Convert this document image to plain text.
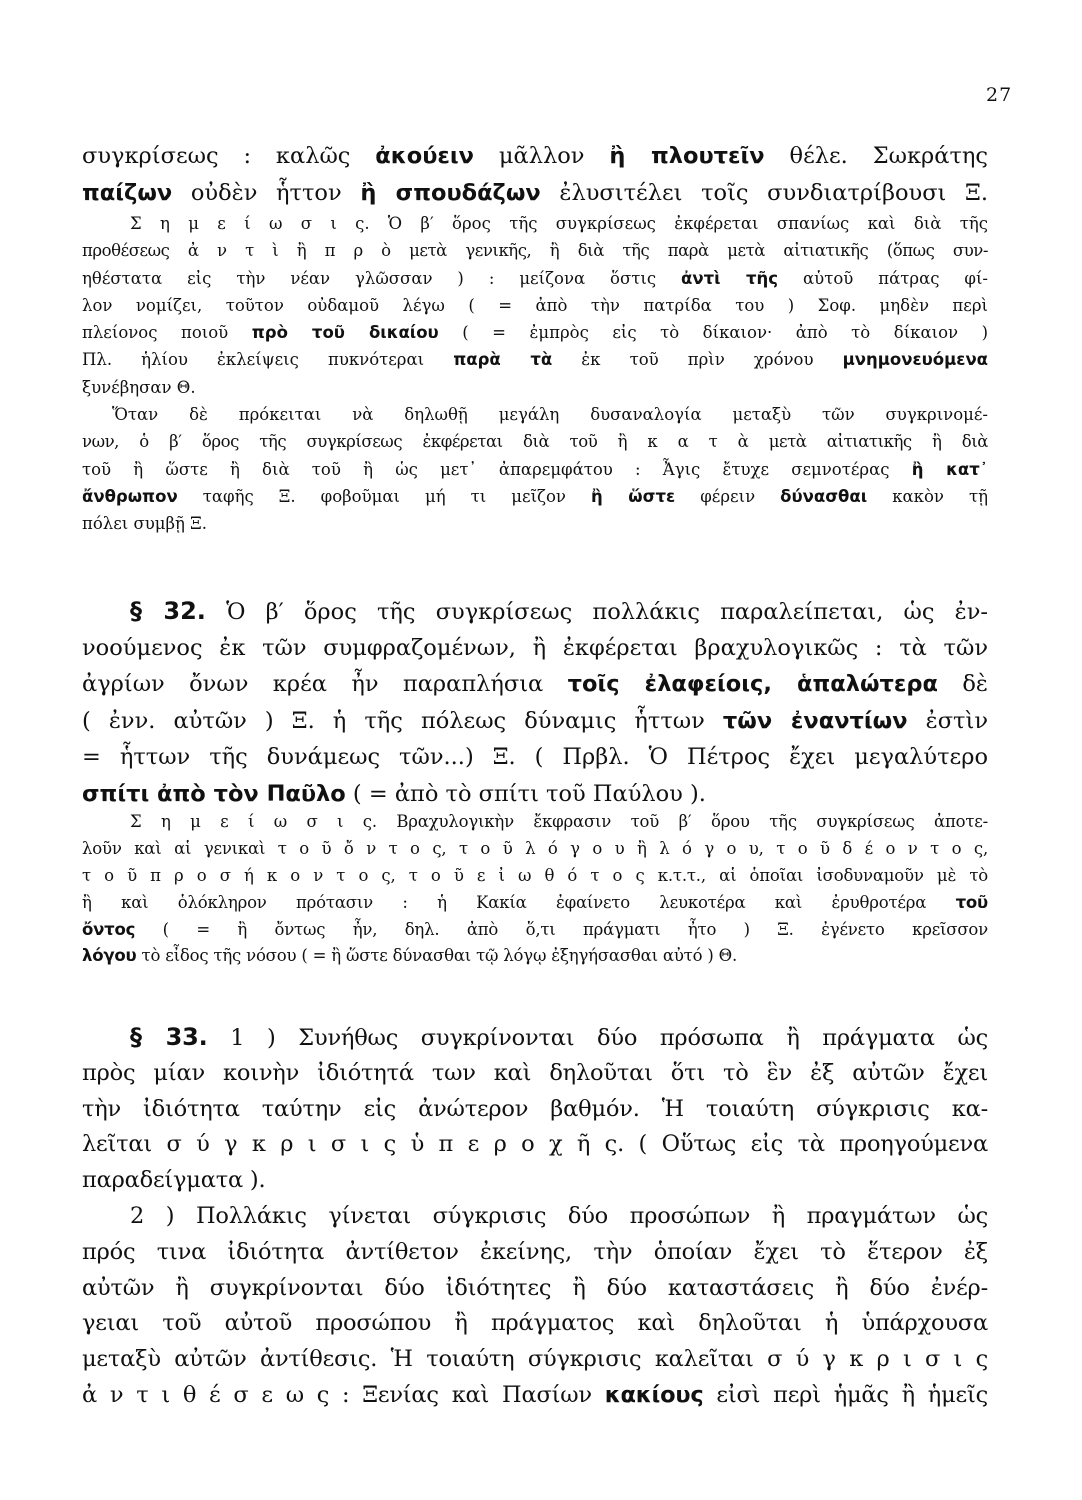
27
συγκρίσεως : καλῶς ἀκούειν μᾶλλον ἢ πλουτεῖν θέλε. Σωκράτης
παίζων οὐδὲν ἧττον ἢ σπουδάζων ἐλυσιτέλει τοῖς συνδιατρίβουσι Ξ.
Σ η μ ε ί ω σ ι ς. Ὁ β′ ὅρος τῆς συγκρίσεως ἐκφέρεται σπανίως καὶ διὰ τῆς
προθέσεως ἀ ν τ ὶ ἢ π ρ ὸ μετὰ γενικῆς, ἢ διὰ τῆς παρὰ μετὰ αἰτιατικῆς (ὅπως συν-
ηθέστατα εἰς τὴν νέαν γλῶσσαν ) : μείζονα ὅστις ἀντὶ τῆς αὑτοῦ πάτρας φί-
λον νομίζει, τοῦτον οὐδαμοῦ λέγω ( = ἀπὸ τὴν πατρίδα του ) Σοφ. μηδὲν περὶ
πλείονος ποιοῦ πρὸ τοῦ δικαίου ( = ἐμπρὸς εἰς τὸ δίκαιον· ἀπὸ τὸ δίκαιον )
Πλ. ἡλίου ἐκλείψεις πυκνότεραι παρὰ τὰ ἐκ τοῦ πρὶν χρόνου μνημονευόμενα
ξυνέβησαν Θ.
Ὅταν δὲ πρόκειται νὰ δηλωθῇ μεγάλη δυσαναλογία μεταξὺ τῶν συγκρινομέ-
νων, ὁ β′ ὅρος τῆς συγκρίσεως ἐκφέρεται διὰ τοῦ ἢ κ α τ ὰ μετὰ αἰτιατικῆς ἢ διὰ
τοῦ ἢ ὥστε ἢ διὰ τοῦ ἢ ὡς μετ᾽ ἀπαρεμφάτου : Ἆγις ἔτυχε σεμνοτέρας ἢ κατ᾽
ἄνθρωπον ταφῆς Ξ. φοβοῦμαι μή τι μεῖζον ἢ ὥστε φέρειν δύνασθαι κακὸν τῇ
πόλει συμβῇ Ξ.
§ 32. Ὁ β′ ὅρος τῆς συγκρίσεως πολλάκις παραλείπεται, ὡς ἐν-
νοούμενος ἐκ τῶν συμφραζομένων, ἢ ἐκφέρεται βραχυλογικῶς : τὰ τῶν
ἀγρίων ὄνων κρέα ἦν παραπλήσια τοῖς ἐλαφείοις, ἁπαλώτερα δὲ
( ἐνν. αὐτῶν ) Ξ. ἡ τῆς πόλεως δύναμις ἧττων τῶν ἐναντίων ἐστὶν
= ἧττων τῆς δυνάμεως τῶν...) Ξ. ( Πρβλ. Ὁ Πέτρος ἔχει μεγαλύτερο
σπίτι ἀπὸ τὸν Παῦλο ( = ἀπὸ τὸ σπίτι τοῦ Παύλου ).
Σ η μ ε ί ω σ ι ς. Βραχυλογικὴν ἔκφρασιν τοῦ β′ ὅρου τῆς συγκρίσεως ἀποτε-
λοῦν καὶ αἱ γενικαὶ τ ο ῦ ὄ ν τ ο ς, τ ο ῦ λ ό γ ο υ ἢ λ ό γ ο υ, τ ο ῦ δ έ ο ν τ ο ς,
τ ο ῦ π ρ ο σ ή κ ο ν τ ο ς, τ ο ῦ ε ἰ ω θ ό τ ο ς κ.τ.τ., αἱ ὁποῖαι ἰσοδυναμοῦν μὲ τὸ
ἢ καὶ ὁλόκληρον πρότασιν : ἡ Κακία ἐφαίνετο λευκοτέρα καὶ ἐρυθροτέρα τοῦ
ὄντος ( = ἢ ὄντως ἦν, δηλ. ἀπὸ ὅ,τι πράγματι ἦτο ) Ξ. ἐγένετο κρεῖσσον
λόγου τὸ εἶδος τῆς νόσου ( = ἢ ὥστε δύνασθαι τῷ λόγῳ ἐξηγήσασθαι αὐτό ) Θ.
§ 33. 1 ) Συνήθως συγκρίνονται δύο πρόσωπα ἢ πράγματα ὡς
πρὸς μίαν κοινὴν ἰδιότητά των καὶ δηλοῦται ὅτι τὸ ἓν ἐξ αὐτῶν ἔχει
τὴν ἰδιότητα ταύτην εἰς ἀνώτερον βαθμόν. Ἡ τοιαύτη σύγκρισις κα-
λεῖται σ ύ γ κ ρ ι σ ι ς ὑ π ε ρ ο χ ῆ ς. ( Οὕτως εἰς τὰ προηγούμενα
παραδείγματα ).
2 ) Πολλάκις γίνεται σύγκρισις δύο προσώπων ἢ πραγμάτων ὡς
πρός τινα ἰδιότητα ἀντίθετον ἐκείνης, τὴν ὁποίαν ἔχει τὸ ἕτερον ἐξ
αὐτῶν ἢ συγκρίνονται δύο ἰδιότητες ἢ δύο καταστάσεις ἢ δύο ἐνέρ-
γειαι τοῦ αὐτοῦ προσώπου ἢ πράγματος καὶ δηλοῦται ἡ ὑπάρχουσα
μεταξὺ αὐτῶν ἀντίθεσις. Ἡ τοιαύτη σύγκρισις καλεῖται σ ύ γ κ ρ ι σ ι ς
ἀ ν τ ι θ έ σ ε ω ς : Ξενίας καὶ Πασίων κακίους εἰσὶ περὶ ἡμᾶς ἢ ἡμεῖς
